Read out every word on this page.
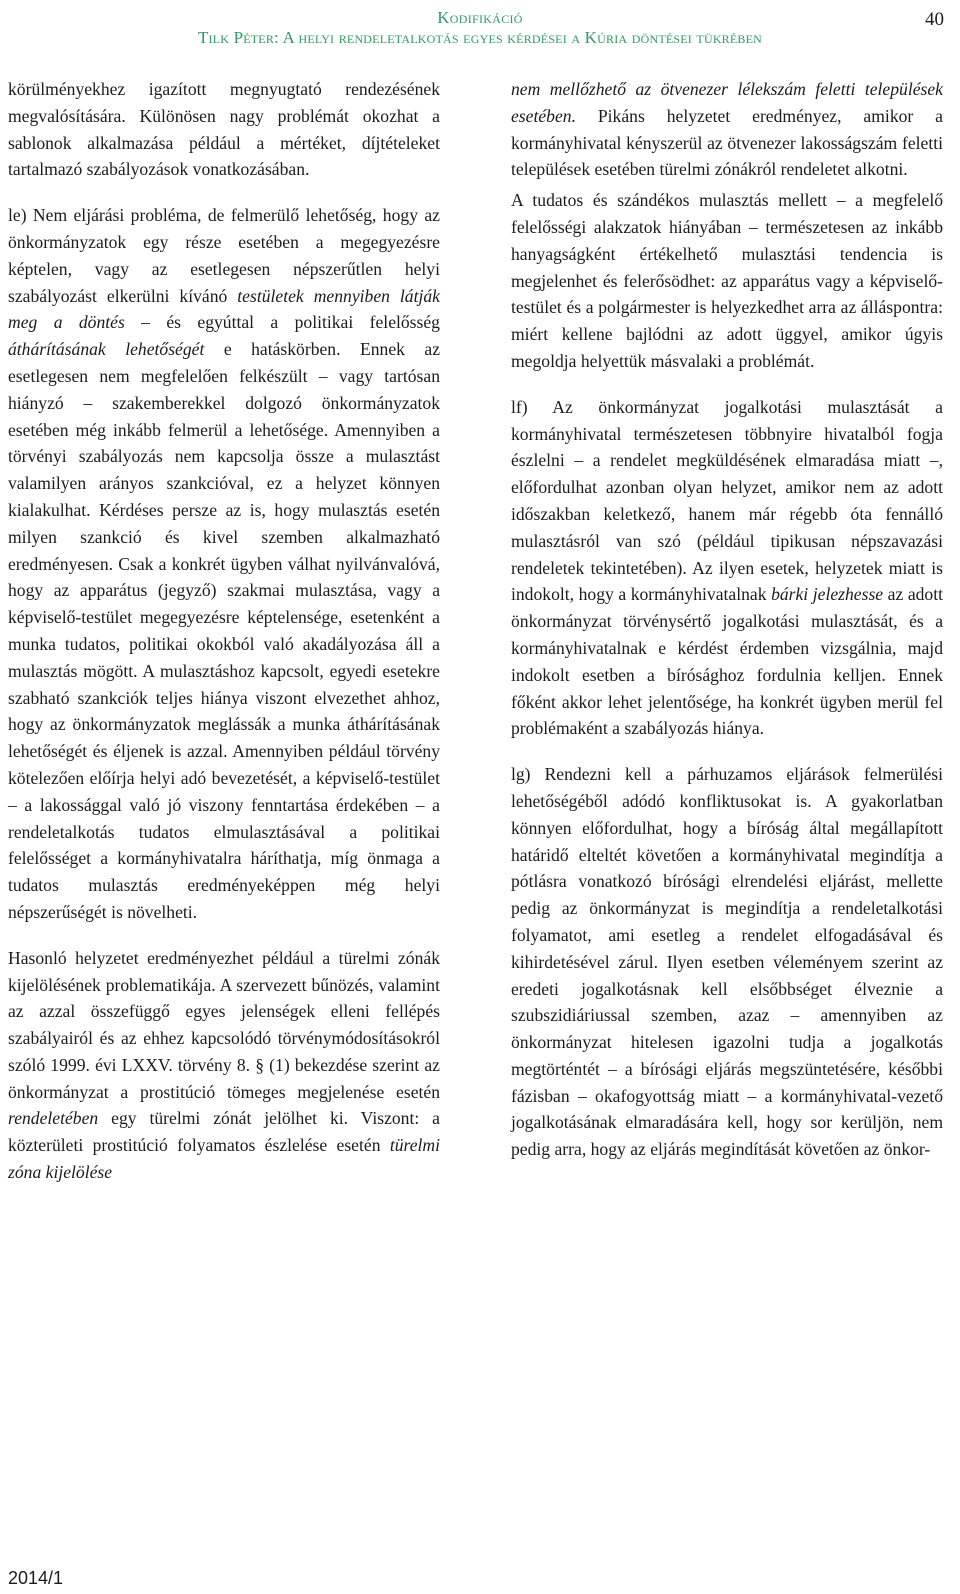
Kodifikáció
Tilk Péter: A helyi rendeletalkotás egyes kérdései a Kúria döntései tükrében
40

körülményekhez igazított megnyugtató rendezésének megvalósítására. Különösen nagy problémát okozhat a sablonok alkalmazása például a mértéket, díjtételeket tartalmazó szabályozások vonatkozásában.

le) Nem eljárási probléma, de felmerülő lehetőség, hogy az önkormányzatok egy része esetében a megegyezésre képtelen, vagy az esetlegesen népszerűtlen helyi szabályozást elkerülni kívánó testületek mennyiben látják meg a döntés – és egyúttal a politikai felelősség áthárításának lehetőségét e hatáskörben. Ennek az esetlegesen nem megfelelően felkészült – vagy tartósan hiányzó – szakemberekkel dolgozó önkormányzatok esetében még inkább felmerül a lehetősége. Amennyiben a törvényi szabályozás nem kapcsolja össze a mulasztást valamilyen arányos szankcióval, ez a helyzet könnyen kialakulhat. Kérdéses persze az is, hogy mulasztás esetén milyen szankció és kivel szemben alkalmazható eredményesen. Csak a konkrét ügyben válhat nyilvánvalóvá, hogy az apparátus (jegyző) szakmai mulasztása, vagy a képviselő-testület megegyezésre képtelensége, esetenként a munka tudatos, politikai okokból való akadályozása áll a mulasztás mögött. A mulasztáshoz kapcsolt, egyedi esetekre szabható szankciók teljes hiánya viszont elvezethet ahhoz, hogy az önkormányzatok meglássák a munka áthárításának lehetőségét és éljenek is azzal. Amennyiben például törvény kötelezően előírja helyi adó bevezetését, a képviselő-testület – a lakossággal való jó viszony fenntartása érdekében – a rendeletalkotás tudatos elmulasztásával a politikai felelősséget a kormányhivatalra háríthatja, míg önmaga a tudatos mulasztás eredményeképpen még helyi népszerűségét is növelheti.

Hasonló helyzetet eredményezhet például a türelmi zónák kijelölésének problematikája. A szervezett bűnözés, valamint az azzal összefüggő egyes jelenségek elleni fellépés szabályairól és az ehhez kapcsolódó törvénymódosításokról szóló 1999. évi LXXV. törvény 8. § (1) bekezdése szerint az önkormányzat a prostitúció tömeges megjelenése esetén rendeletében egy türelmi zónát jelölhet ki. Viszont: a közterületi prostitúció folyamatos észlelése esetén türelmi zóna kijelölése

nem mellőzhető az ötvenezer lélekszám feletti települések esetében. Pikáns helyzetet eredményez, amikor a kormányhivatal kényszerül az ötvenezer lakosságszám feletti települések esetében türelmi zónákról rendeletet alkotni.

A tudatos és szándékos mulasztás mellett – a megfelelő felelősségi alakzatok hiányában – természetesen az inkább hanyagságként értékelhető mulasztási tendencia is megjelenhet és felerősödhet: az apparátus vagy a képviselő-testület és a polgármester is helyezkedhet arra az álláspontra: miért kellene bajlódni az adott üggyel, amikor úgyis megoldja helyettük másvalaki a problémát.

lf) Az önkormányzat jogalkotási mulasztását a kormányhivatal természetesen többnyire hivatalból fogja észlelni – a rendelet megküldésének elmaradása miatt –, előfordulhat azonban olyan helyzet, amikor nem az adott időszakban keletkező, hanem már régebb óta fennálló mulasztásról van szó (például tipikusan népszavazási rendeletek tekintetében). Az ilyen esetek, helyzetek miatt is indokolt, hogy a kormányhivatalnak bárki jelezhesse az adott önkormányzat törvénysértő jogalkotási mulasztását, és a kormányhivatalnak e kérdést érdemben vizsgálnia, majd indokolt esetben a bírósághoz fordulnia kelljen. Ennek főként akkor lehet jelentősége, ha konkrét ügyben merül fel problémaként a szabályozás hiánya.

lg) Rendezni kell a párhuzamos eljárások felmerülési lehetőségéből adódó konfliktusokat is. A gyakorlatban könnyen előfordulhat, hogy a bíróság által megállapított határidő elteltét követően a kormányhivatal megindítja a pótlásra vonatkozó bírósági elrendelési eljárást, mellette pedig az önkormányzat is megindítja a rendeletalkotási folyamatot, ami esetleg a rendelet elfogadásával és kihirdetésével zárul. Ilyen esetben véleményem szerint az eredeti jogalkotásnak kell elsőbbséget élveznie a szubszidiáriussal szemben, azaz – amennyiben az önkormányzat hitelesen igazolni tudja a jogalkotás megtörténtét – a bírósági eljárás megszüntetésére, későbbi fázisban – okafogyottság miatt – a kormányhivatal-vezető jogalkotásának elmaradására kell, hogy sor kerüljön, nem pedig arra, hogy az eljárás megindítását követően az önkor-

2014/1
